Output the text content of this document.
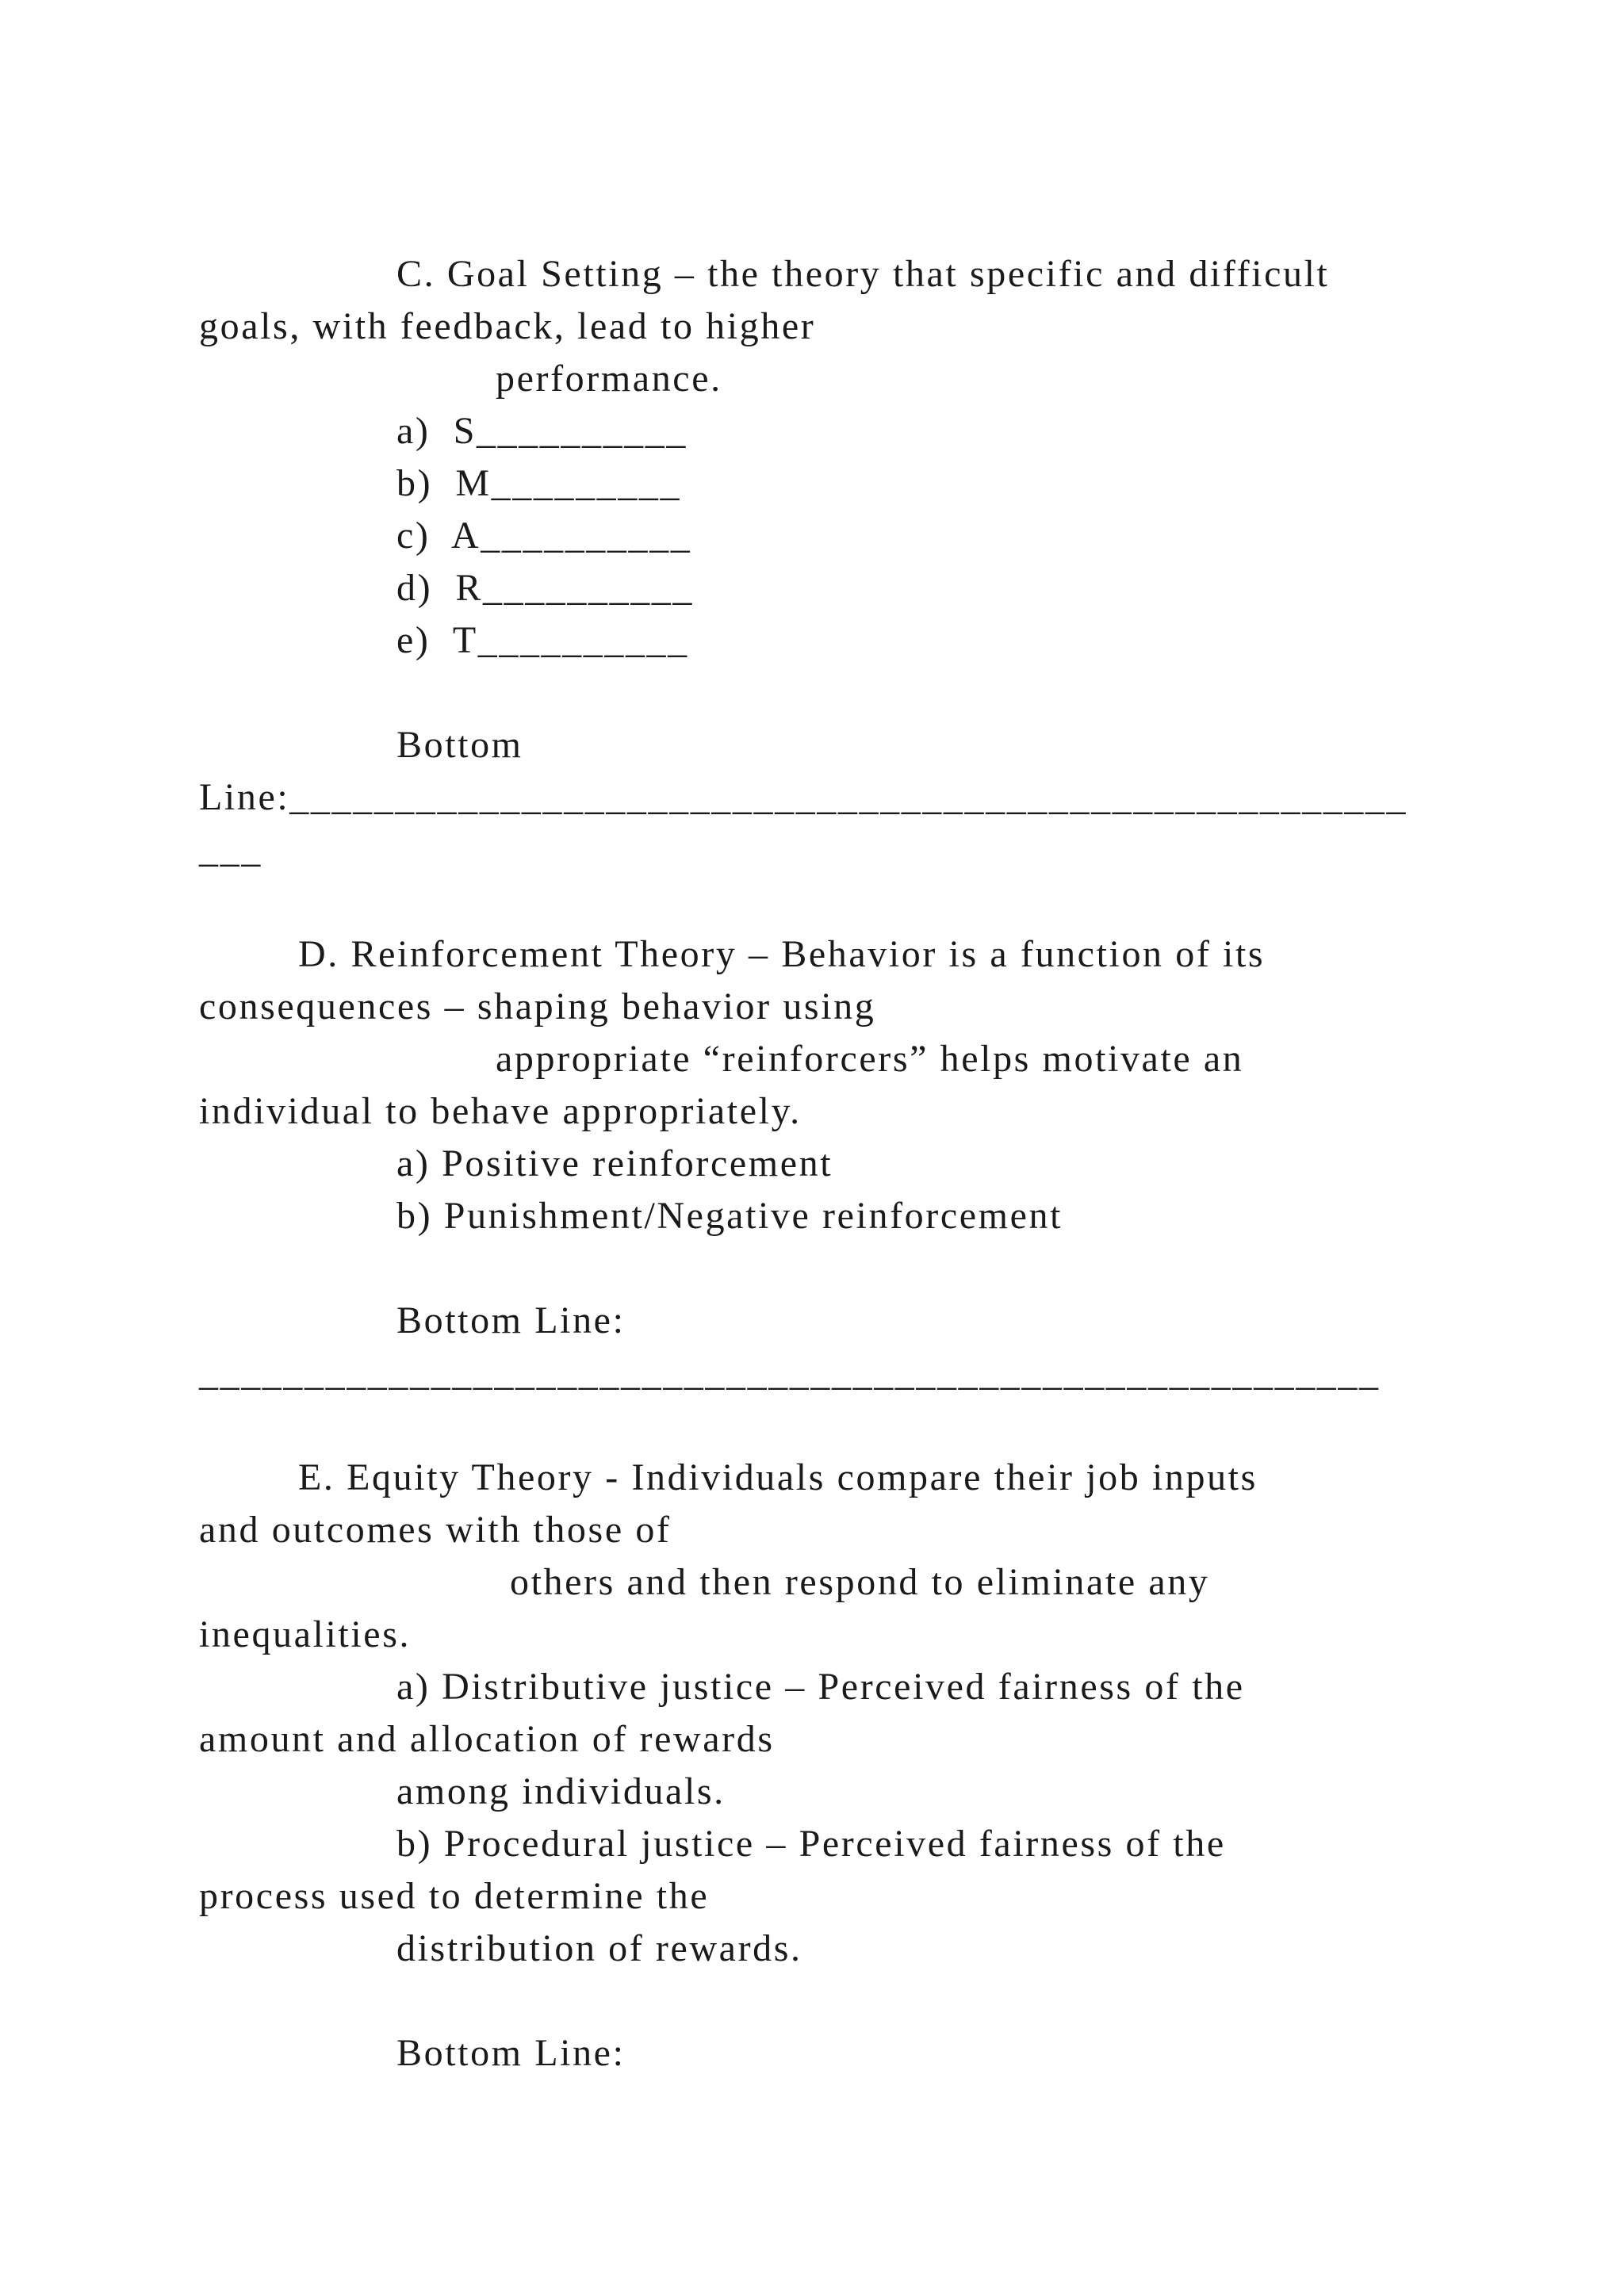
C. Goal Setting – the theory that specific and difficult

goals, with feedback, lead to higher

performance.

a)  S__________

b)  M_________

c)  A__________

d)  R__________

e)  T__________

Bottom

Line:_____________________________________________________

___

D. Reinforcement Theory – Behavior is a function of its

consequences – shaping behavior using

appropriate “reinforcers” helps motivate an

individual to behave appropriately.

a) Positive reinforcement

b) Punishment/Negative reinforcement

Bottom Line:

________________________________________________________

E. Equity Theory - Individuals compare their job inputs

and outcomes with those of

others and then respond to eliminate any

inequalities.

a) Distributive justice – Perceived fairness of the

amount and allocation of rewards

among individuals.

b) Procedural justice – Perceived fairness of the

process used to determine the

distribution of rewards.

Bottom Line:
